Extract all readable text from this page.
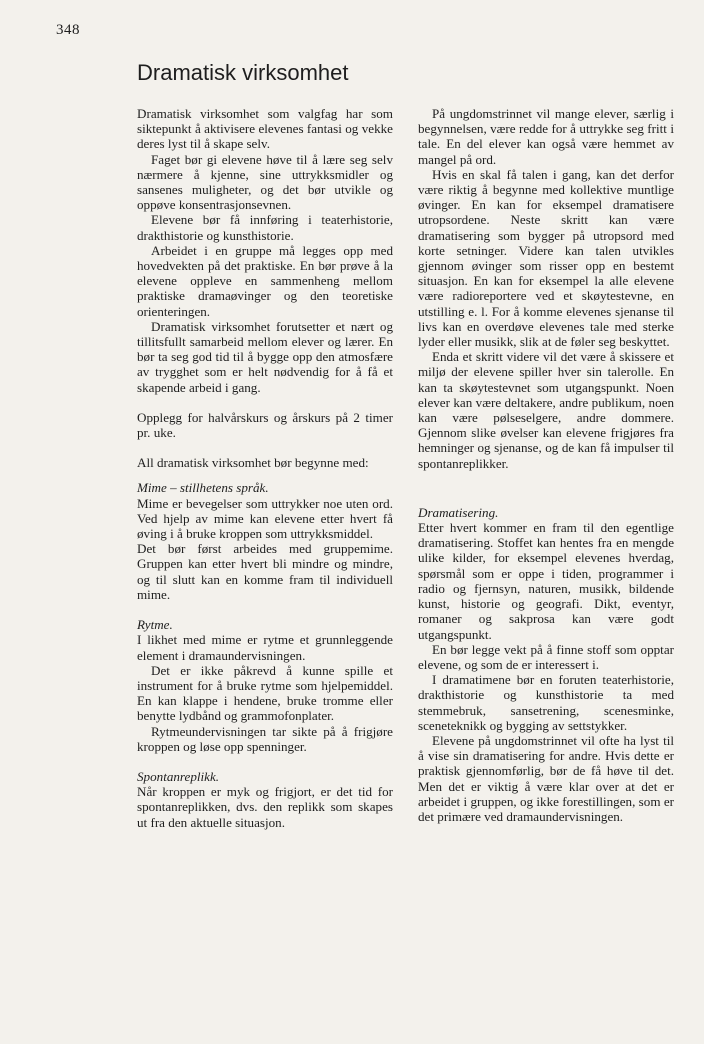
348
Dramatisk virksomhet

Dramatisk virksomhet som valgfag har som siktepunkt å aktivisere elevenes fantasi og vekke deres lyst til å skape selv.

Faget bør gi elevene høve til å lære seg selv nærmere å kjenne, sine uttrykksmidler og sansenes muligheter, og det bør utvikle og oppøve konsentrasjonsevnen.

Elevene bør få innføring i teaterhistorie, drakthistorie og kunsthistorie.

Arbeidet i en gruppe må legges opp med hovedvekten på det praktiske. En bør prøve å la elevene oppleve en sammenheng mellom praktiske dramaøvinger og den teoretiske orienteringen.

Dramatisk virksomhet forutsetter et nært og tillitsfullt samarbeid mellom elever og lærer. En bør ta seg god tid til å bygge opp den atmosfære av trygghet som er helt nødvendig for å få et skapende arbeid i gang.

Opplegg for halvårskurs og årskurs på 2 timer pr. uke.

All dramatisk virksomhet bør begynne med:

Mime – stillhetens språk.

Mime er bevegelser som uttrykker noe uten ord. Ved hjelp av mime kan elevene etter hvert få øving i å bruke kroppen som uttrykksmiddel.

Det bør først arbeides med gruppemime. Gruppen kan etter hvert bli mindre og mindre, og til slutt kan en komme fram til individuell mime.

Rytme.

I likhet med mime er rytme et grunnleggende element i dramaundervisningen.

Det er ikke påkrevd å kunne spille et instrument for å bruke rytme som hjelpemiddel. En kan klappe i hendene, bruke tromme eller benytte lydbånd og grammofonplater.

Rytmeundervisningen tar sikte på å frigjøre kroppen og løse opp spenninger.

Spontanreplikk.

Når kroppen er myk og frigjort, er det tid for spontanreplikken, dvs. den replikk som skapes ut fra den aktuelle situasjon.

På ungdomstrinnet vil mange elever, særlig i begynnelsen, være redde for å uttrykke seg fritt i tale. En del elever kan også være hemmet av mangel på ord.

Hvis en skal få talen i gang, kan det derfor være riktig å begynne med kollektive muntlige øvinger. En kan for eksempel dramatisere utropsordene. Neste skritt kan være dramatisering som bygger på utropsord med korte setninger. Videre kan talen utvikles gjennom øvinger som risser opp en bestemt situasjon. En kan for eksempel la alle elevene være radioreportere ved et skøytestevne, en utstilling e. l. For å komme elevenes sjenanse til livs kan en overdøve elevenes tale med sterke lyder eller musikk, slik at de føler seg beskyttet.

Enda et skritt videre vil det være å skissere et miljø der elevene spiller hver sin talerolle. En kan ta skøytestevnet som utgangspunkt. Noen elever kan være deltakere, andre publikum, noen kan være pølseselgere, andre dommere. Gjennom slike øvelser kan elevene frigjøres fra hemninger og sjenanse, og de kan få impulser til spontanreplikker.

Dramatisering.

Etter hvert kommer en fram til den egentlige dramatisering. Stoffet kan hentes fra en mengde ulike kilder, for eksempel elevenes hverdag, spørsmål som er oppe i tiden, programmer i radio og fjernsyn, naturen, musikk, bildende kunst, historie og geografi. Dikt, eventyr, romaner og sakprosa kan være godt utgangspunkt.

En bør legge vekt på å finne stoff som opptar elevene, og som de er interessert i.

I dramatimene bør en foruten teaterhistorie, drakthistorie og kunsthistorie ta med stemmebruk, sansetrening, scenesminke, sceneteknikk og bygging av settstykker.

Elevene på ungdomstrinnet vil ofte ha lyst til å vise sin dramatisering for andre. Hvis dette er praktisk gjennomførlig, bør de få høve til det. Men det er viktig å være klar over at det er arbeidet i gruppen, og ikke forestillingen, som er det primære ved dramaundervisningen.
